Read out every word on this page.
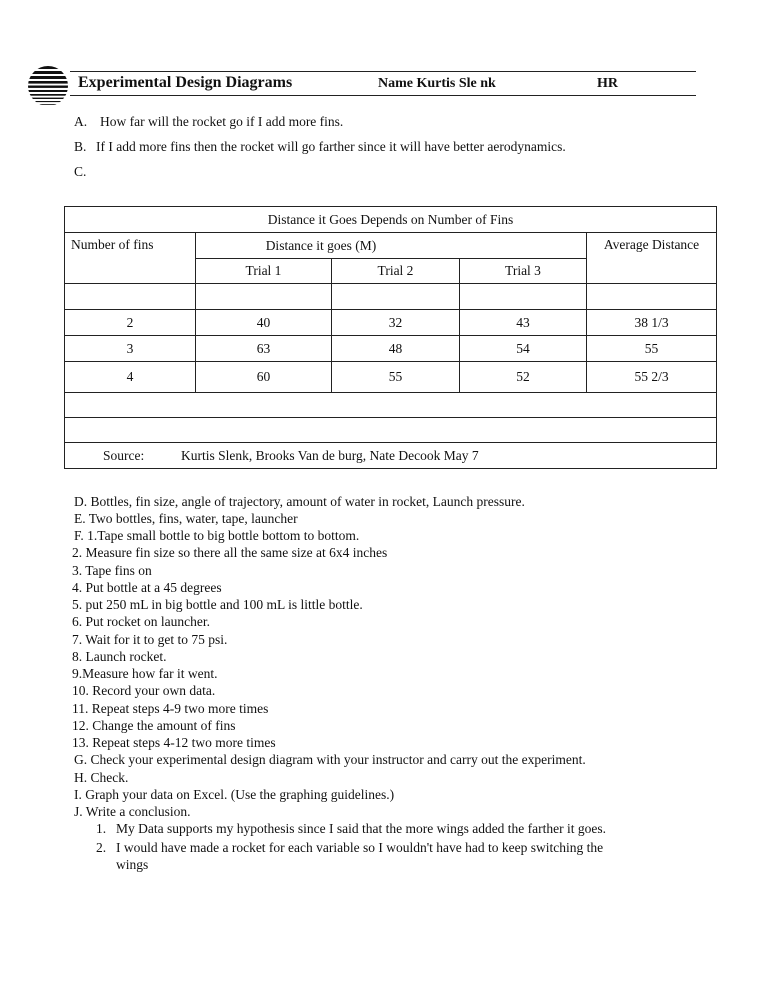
Experimental Design Diagrams	Name Kurtis Sle nk	HR
A. How far will the rocket go if I add more fins.
B. If I add more fins then the rocket will go farther since it will have better aerodynamics.
C.
Distance it Goes Depends on Number of Fins				
Number of fins	Distance it goes (M)			Average Distance
	Trial 1	Trial 2	Trial 3	

2	40	32	43	38 1/3
3	63	48	54	55
4	60	55	52	55 2/3

Source: Kurtis Slenk, Brooks Van de burg, Nate Decook May 7				
D. Bottles, fin size, angle of trajectory, amount of water in rocket, Launch pressure.
E. Two bottles, fins, water, tape, launcher
F. 1.Tape small bottle to big bottle bottom to bottom.
2. Measure fin size so there all the same size at 6x4 inches
3. Tape fins on
4. Put bottle at a 45 degrees
5. put 250 mL in big bottle and 100 mL is little bottle.
6. Put rocket on launcher.
7. Wait for it to get to 75 psi.
8. Launch rocket.
9.Measure how far it went.
10. Record your own data.
11. Repeat steps 4-9 two more times
12. Change the amount of fins
13. Repeat steps 4-12 two more times
G. Check your experimental design diagram with your instructor and carry out the experiment.
H. Check.
I. Graph your data on Excel. (Use the graphing guidelines.)
J. Write a conclusion.
1. My Data supports my hypothesis since I said that the more wings added the farther it goes.
2. I would have made a rocket for each variable so I wouldn't have had to keep switching the
wings
